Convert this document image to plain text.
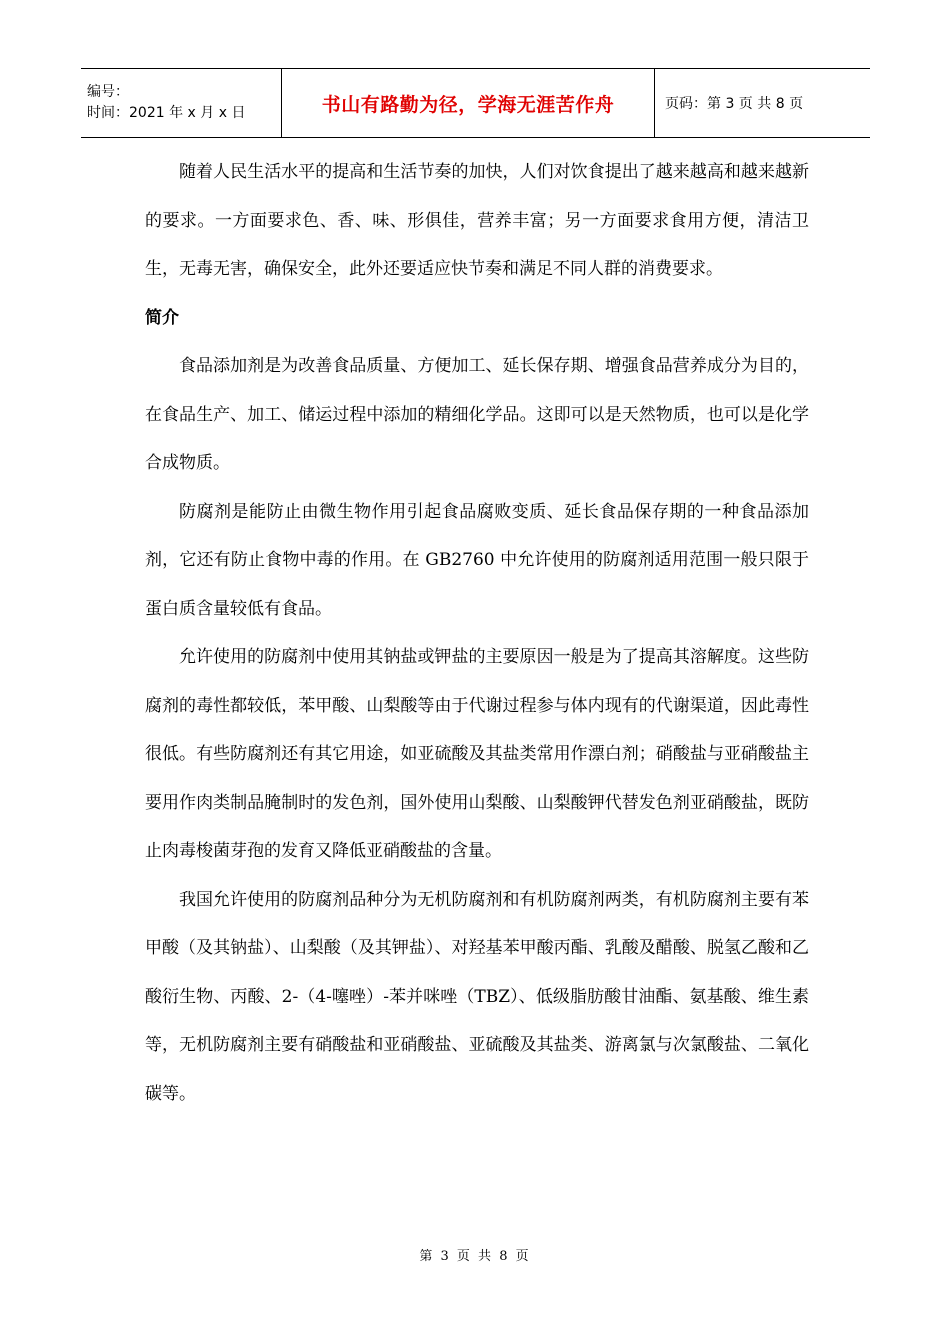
编号：
时间：2021 年 x 月 x 日	书山有路勤为径，学海无涯苦作舟	页码：第 3 页 共 8 页

随着人民生活水平的提高和生活节奏的加快，人们对饮食提出了越来越高和越来越新的要求。一方面要求色、香、味、形俱佳，营养丰富；另一方面要求食用方便，清洁卫生，无毒无害，确保安全，此外还要适应快节奏和满足不同人群的消费要求。

简介

食品添加剂是为改善食品质量、方便加工、延长保存期、增强食品营养成分为目的，在食品生产、加工、储运过程中添加的精细化学品。这即可以是天然物质，也可以是化学合成物质。

防腐剂是能防止由微生物作用引起食品腐败变质、延长食品保存期的一种食品添加剂，它还有防止食物中毒的作用。在 GB2760 中允许使用的防腐剂适用范围一般只限于蛋白质含量较低有食品。

允许使用的防腐剂中使用其钠盐或钾盐的主要原因一般是为了提高其溶解度。这些防腐剂的毒性都较低，苯甲酸、山梨酸等由于代谢过程参与体内现有的代谢渠道，因此毒性很低。有些防腐剂还有其它用途，如亚硫酸及其盐类常用作漂白剂；硝酸盐与亚硝酸盐主要用作肉类制品腌制时的发色剂，国外使用山梨酸、山梨酸钾代替发色剂亚硝酸盐，既防止肉毒梭菌芽孢的发育又降低亚硝酸盐的含量。

我国允许使用的防腐剂品种分为无机防腐剂和有机防腐剂两类，有机防腐剂主要有苯甲酸（及其钠盐）、山梨酸（及其钾盐）、对羟基苯甲酸丙酯、乳酸及醋酸、脱氢乙酸和乙酸衍生物、丙酸、2-（4-噻唑）-苯并咪唑（TBZ）、低级脂肪酸甘油酯、氨基酸、维生素等，无机防腐剂主要有硝酸盐和亚硝酸盐、亚硫酸及其盐类、游离氯与次氯酸盐、二氧化碳等。

第 3 页 共 8 页
